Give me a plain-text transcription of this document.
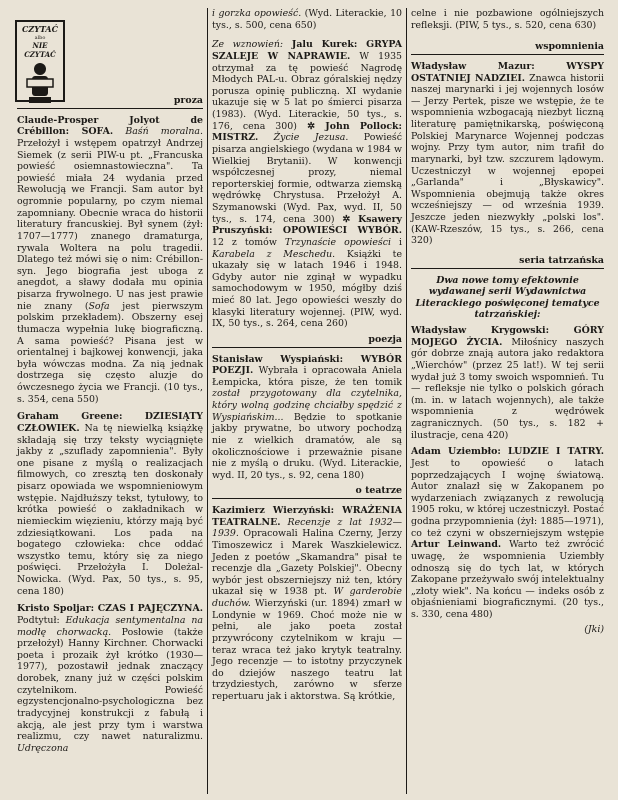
CZYTAĆ
albo
NIE CZYTAĆ
proza

Claude-Prosper Jolyot de Crébillon: SOFA. Baśń moralna. Przełożył i wstępem opatrzył Andrzej Siemek (z serii PIW-u pt. „Francuska powieść osiemnastowieczna". Ta powieść miała 24 wydania przed Rewolucją we Francji. Sam autor był ogromnie popularny, po czym niemal zapomniany. Obecnie wraca do historii literatury francuskiej. Był synem (żył: 1707—1777) znanego dramaturga, rywala Woltera na polu tragedii. Dlatego też mówi się o nim: Crébillon-syn. Jego biografia jest uboga z anegdot, a sławy dodała mu opinia pisarza frywolnego. U nas jest prawie nie znany (Sofa jest pierwszym polskim przekładem). Obszerny esej tłumacza wypełnia lukę biograficzną. A sama powieść? Pisana jest w orientalnej i bajkowej konwencji, jaka była wówczas modna. Za nią jednak dostrzega się często aluzje do ówczesnego życia we Francji. (10 tys., s. 354, cena 550)

Graham Greene: DZIESIĄTY CZŁOWIEK. Na tę niewielką książkę składają się trzy teksty wyciągnięte jakby z „szuflady zapomnienia". Były one pisane z myślą o realizacjach filmowych, co zresztą ten doskonały pisarz opowiada we wspomnieniowym wstępie. Najdłuższy tekst, tytułowy, to krótka powieść o zakładnikach w niemieckim więzieniu, którzy mają być zdziesiątkowani. Los pada na bogatego człowieka: chce oddać wszystko temu, który się za niego poświęci. Przełożyła I. Doleżal-Nowicka. (Wyd. Pax, 50 tys., s. 95, cena 180)

Kristo Spoljar: CZAS I PAJĘCZYNA. Podtytuł: Edukacja sentymentalna na modłę chorwacką. Posłowie (także przełożył) Hanny Kirchner. Chorwacki poeta i prozaik żył krótko (1930—1977), pozostawił jednak znaczący dorobek, znany już w części polskim czytelnikom. Powieść egzystencjonalno-psychologiczna bez tradycyjnej konstrukcji z fabułą i akcją, ale jest przy tym i warstwa realizmu, czy nawet naturalizmu. Udręczona

i gorzka opowieść. (Wyd. Literackie, 10 tys., s. 500, cena 650)

Ze wznowień: Jalu Kurek: GRYPA SZALEJE W NAPRAWIE. W 1935 otrzymał za tę powieść Nagrodę Młodych PAL-u. Obraz góralskiej nędzy porusza opinię publiczną. XI wydanie ukazuje się w 5 lat po śmierci pisarza (1983). (Wyd. Literackie, 50 tys., s. 176, cena 300) ✲ John Pollock: MISTRZ. Życie Jezusa. Powieść pisarza angielskiego (wydana w 1984 w Wielkiej Brytanii). W konwencji współczesnej prozy, niemal reporterskiej formie, odtwarza ziemską wędrówkę Chrystusa. Przełożył A. Szymanowski (Wyd. Pax, wyd. II, 50 tys., s. 174, cena 300) ✲ Ksawery Pruszyński: OPOWIEŚCI WYBÓR. 12 z tomów Trzynaście opowieści i Karabela z Meschedu. Książki te ukazały się w latach 1946 i 1948. Gdyby autor nie zginął w wypadku samochodowym w 1950, mógłby dziś mieć 80 lat. Jego opowieści weszły do klasyki literatury wojennej. (PIW, wyd. IX, 50 tys., s. 264, cena 260)

poezja

Stanisław Wyspiański: WYBÓR POEZJI. Wybrała i opracowała Aniela Łempicka, która pisze, że ten tomik został przygotowany dla czytelnika, który wolną godzinę chciałby spędzić z Wyspiańskim... Będzie to spotkanie jakby prywatne, bo utwory pochodzą nie z wielkich dramatów, ale są okolicznościowe i przeważnie pisane nie z myślą o druku. (Wyd. Literackie, wyd. II, 20 tys., s. 92, cena 180)

o teatrze

Kazimierz Wierzyński: WRAŻENIA TEATRALNE. Recenzje z lat 1932—1939. Opracowali Halina Czerny, Jerzy Timoszewicz i Marek Waszkielewicz. Jeden z poetów „Skamandra" pisał te recenzje dla „Gazety Polskiej". Obecny wybór jest obszerniejszy niż ten, który ukazał się w 1938 pt. W garderobie duchów. Wierzyński (ur. 1894) zmarł w Londynie w 1969. Choć może nie w pełni, ale jako poeta został przywrócony czytelnikom w kraju — teraz wraca też jako krytyk teatralny. Jego recenzje — to istotny przyczynek do dziejów naszego teatru lat trzydziestych, zarówno w sferze repertuaru jak i aktorstwa. Są krótkie,

celne i nie pozbawione ogólniejszych refleksji. (PIW, 5 tys., s. 520, cena 630)

wspomnienia

Władysław Mazur: WYSPY OSTATNIEJ NADZIEI. Znawca historii naszej marynarki i jej wojennych losów — Jerzy Pertek, pisze we wstępie, że te wspomnienia wzbogacają niezbyt liczną literaturę pamiętnikarską, poświęconą Polskiej Marynarce Wojennej podczas wojny. Przy tym autor, nim trafił do marynarki, był tzw. szczurem lądowym. Uczestniczył w wojennej epopei „Garlanda" i „Błyskawicy". Wspomnienia obejmują także okres wcześniejszy — od września 1939. Jeszcze jeden niezwykły „polski los". (KAW-Rzeszów, 15 tys., s. 266, cena 320)

seria tatrzańska

Dwa nowe tomy efektownie wydawanej serii Wydawnictwa Literackiego poświęconej tematyce tatrzańskiej:

Władysław Krygowski: GÓRY MOJEGO ŻYCIA. Miłośnicy naszych gór dobrze znają autora jako redaktora „Wierchów" (przez 25 lat!). W tej serii wydał już 3 tomy swoich wspomnień. Tu — refleksje nie tylko o polskich górach (m. in. w latach wojennych), ale także wspomnienia z wędrówek zagranicznych. (50 tys., s. 182 + ilustracje, cena 420)

Adam Uziembło: LUDZIE I TATRY. Jest to opowieść o latach poprzedzających I wojnę światową. Autor znalazł się w Zakopanem po wydarzeniach związanych z rewolucją 1905 roku, w której uczestniczył. Postać godna przypomnienia (żył: 1885—1971), co też czyni w obszerniejszym wstępie Artur Leinwand. Warto też zwrócić uwagę, że wspomnienia Uziembły odnoszą się do tych lat, w których Zakopane przeżywało swój intelektualny „złoty wiek". Na końcu — indeks osób z objaśnieniami biograficznymi. (20 tys., s. 330, cena 480)

(Jki)
